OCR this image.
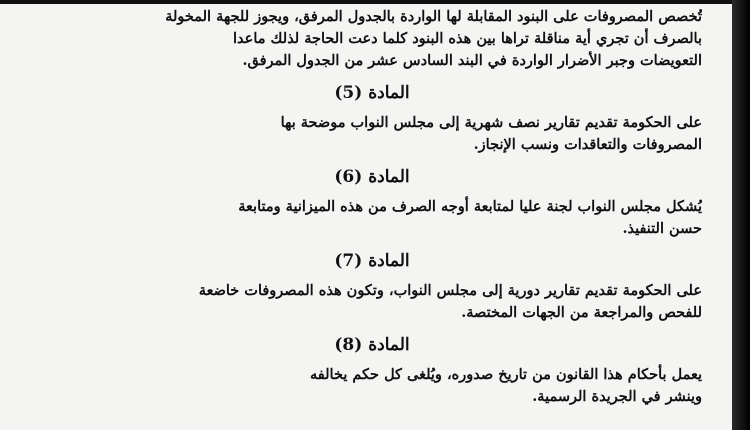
تُخصص المصروفات على البنود المقابلة لها الواردة بالجدول المرفق، ويجوز للجهة المخولة
بالصرف أن تجري أية مناقلة تراها بين هذه البنود كلما دعت الحاجة لذلك ماعدا
التعويضات وجبر الأضرار الواردة في البند السادس عشر من الجدول المرفق.
المادة (5)
على الحكومة تقديم تقارير نصف شهرية إلى مجلس النواب موضحة بها
المصروفات والتعاقدات ونسب الإنجاز.
المادة (6)
يُشكل مجلس النواب لجنة عليا لمتابعة أوجه الصرف من هذه الميزانية ومتابعة
حسن التنفيذ.
المادة (7)
على الحكومة تقديم تقارير دورية إلى مجلس النواب، وتكون هذه المصروفات خاضعة
للفحص والمراجعة من الجهات المختصة.
المادة (8)
يعمل بأحكام هذا القانون من تاريخ صدوره، ويُلغى كل حكم يخالفه
وينشر في الجريدة الرسمية.
